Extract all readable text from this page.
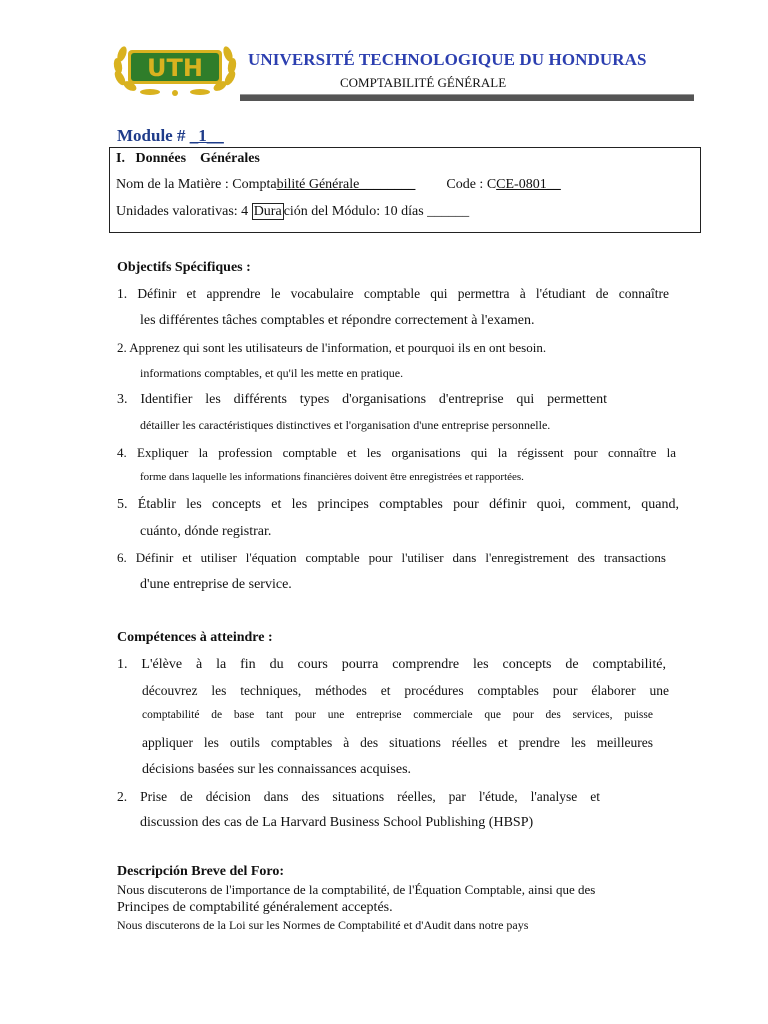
UTH	UNIVERSITÉ TECHNOLOGIQUE DU HONDURAS
COMPTABILITÉ GÉNÉRALE
Module # _1__
I. Données    Générales
Nom de la Matière : Comptabilité Générale________ Code : CCE-0801__
Unidades valorativas: 4 Dura ción del Módulo: 10 días ______
Objectifs Spécifiques :
1. Définir et apprendre le vocabulaire comptable qui permettra à l'étudiant de connaître
les différentes tâches comptables et répondre correctement à l'examen.
2. Apprenez qui sont les utilisateurs de l'information, et pourquoi ils en ont besoin.
informations comptables, et qu'il les mette en pratique.
3. Identifier les différents types d'organisations d'entreprise qui permettent
détailler les caractéristiques distinctives et l'organisation d'une entreprise personnelle.
4. Expliquer la profession comptable et les organisations qui la régissent pour connaître la
forme dans laquelle les informations financières doivent être enregistrées et rapportées.
5. Établir les concepts et les principes comptables pour définir quoi, comment, quand,
cuánto, dónde registrar.
6. Définir et utiliser l'équation comptable pour l'utiliser dans l'enregistrement des transactions
d'une entreprise de service.
Compétences à atteindre :
1. L'élève à la fin du cours pourra comprendre les concepts de comptabilité,
découvrez les techniques, méthodes et procédures comptables pour élaborer une
comptabilité de base tant pour une entreprise commerciale que pour des services, puisse
appliquer les outils comptables à des situations réelles et prendre les meilleures
décisions basées sur les connaissances acquises.
2. Prise de décision dans des situations réelles, par l'étude, l'analyse et
discussion des cas de La Harvard Business School Publishing (HBSP)
Descripción Breve del Foro:
Nous discuterons de l'importance de la comptabilité, de l'Équation Comptable, ainsi que des
Principes de comptabilité généralement acceptés.
Nous discuterons de la Loi sur les Normes de Comptabilité et d'Audit dans notre pays
